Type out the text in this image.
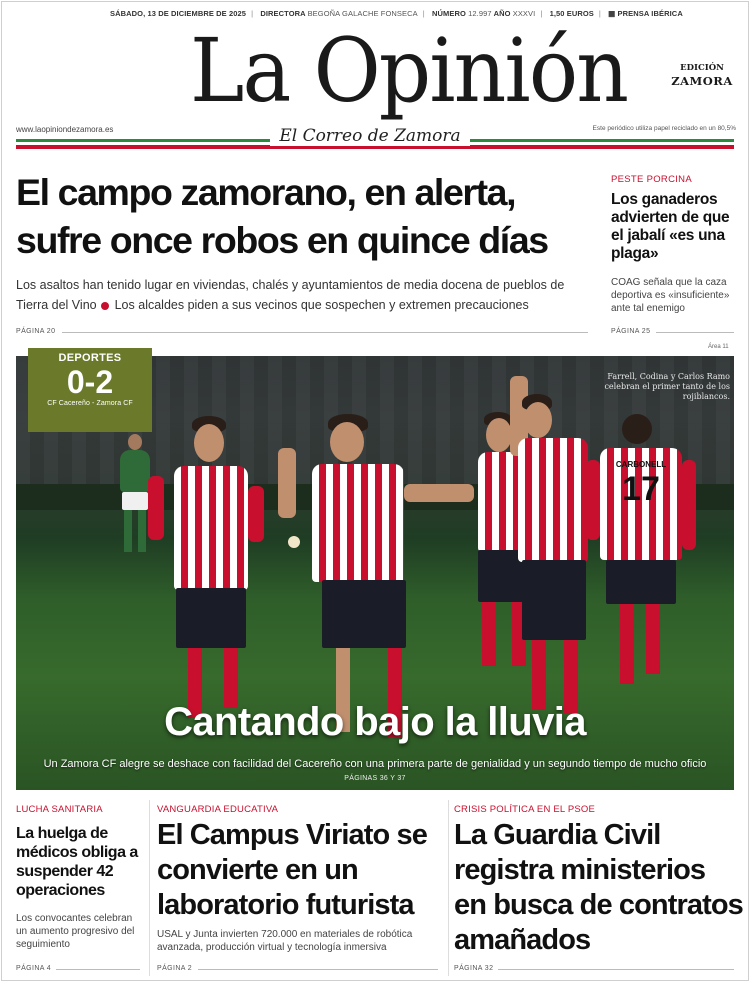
SÁBADO, 13 DE DICIEMBRE DE 2025 | DIRECTORA BEGOÑA GALACHE FONSECA | NÚMERO 12.997 AÑO XXXVI | 1,50 EUROS | ▦ PRENSA IBÉRICA
La Opinión
El Correo de Zamora
EDICIÓN
ZAMORA
www.laopiniondezamora.es	Este periódico utiliza papel reciclado en un 80,5%
El campo zamorano, en alerta, sufre once robos en quince días
Los asaltos han tenido lugar en viviendas, chalés y ayuntamientos de media docena de pueblos de Tierra del Vino Los alcaldes piden a sus vecinos que sospechen y extremen precauciones
PÁGINA 20
PESTE PORCINA
Los ganaderos advierten de que el jabalí «es una plaga»
COAG señala que la caza deportiva es «insuficiente» ante tal enemigo
PÁGINA 25
Área 11
CARBONELL
17
DEPORTES
0-2
CF Cacereño - Zamora CF
Farrell, Codina y Carlos Ramo celebran el primer tanto de los rojiblancos.
Cantando bajo la lluvia
Un Zamora CF alegre se deshace con facilidad del Cacereño con una primera parte de genialidad y un segundo tiempo de mucho oficio
PÁGINAS 36 Y 37
LUCHA SANITARIA
La huelga de médicos obliga a suspender 42 operaciones
Los convocantes celebran un aumento progresivo del seguimiento
PÁGINA 4
VANGUARDIA EDUCATIVA
El Campus Viriato se convierte en un laboratorio futurista
USAL y Junta invierten 720.000 en materiales de robótica avanzada, producción virtual y tecnología inmersiva
PÁGINA 2
CRISIS POLÍTICA EN EL PSOE
La Guardia Civil registra ministerios en busca de contratos amañados
PÁGINA 32
